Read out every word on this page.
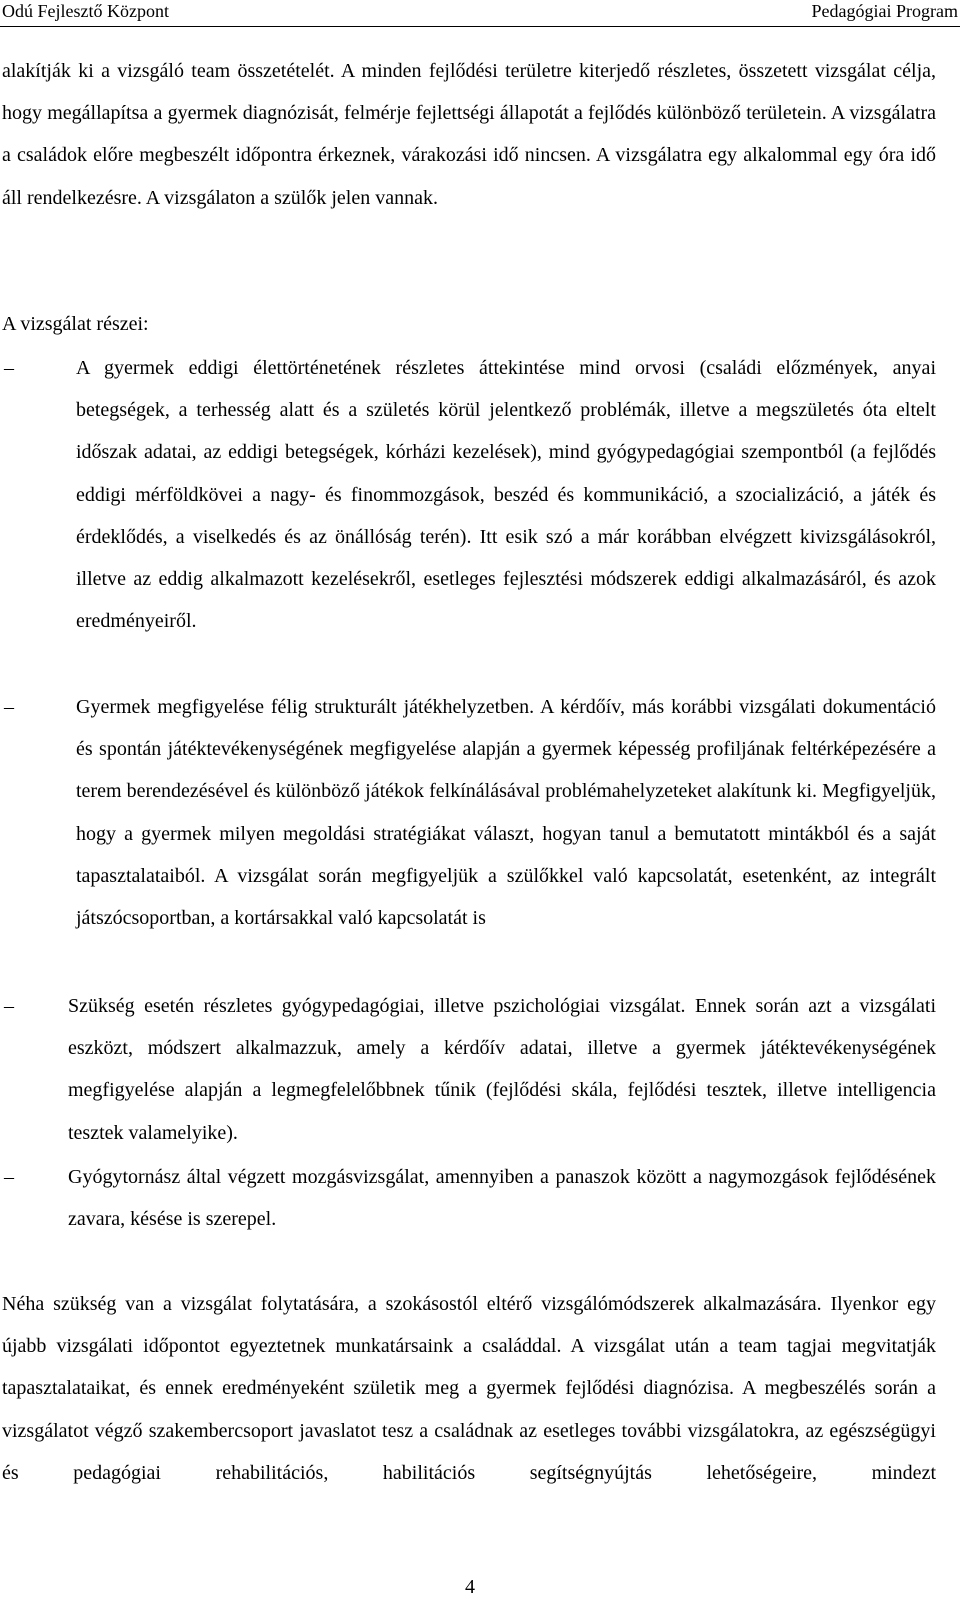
Odú Fejlesztő Központ	Pedagógiai Program

alakítják ki a vizsgáló team összetételét. A minden fejlődési területre kiterjedő részletes, összetett vizsgálat célja, hogy megállapítsa a gyermek diagnózisát, felmérje fejlettségi állapotát a fejlődés különböző területein. A vizsgálatra a családok előre megbeszélt időpontra érkeznek, várakozási idő nincsen. A vizsgálatra egy alkalommal egy óra idő áll rendelkezésre. A vizsgálaton a szülők jelen vannak.

A vizsgálat részei:

–	A gyermek eddigi élettörténetének részletes áttekintése mind orvosi (családi előzmények, anyai betegségek, a terhesség alatt és a születés körül jelentkező problémák, illetve a megszületés óta eltelt időszak adatai, az eddigi betegségek, kórházi kezelések), mind gyógypedagógiai szempontból (a fejlődés eddigi mérföldkövei a nagy- és finommozgások, beszéd és kommunikáció, a szocializáció, a játék és érdeklődés, a viselkedés és az önállóság terén). Itt esik szó a már korábban elvégzett kivizsgálásokról, illetve az eddig alkalmazott kezelésekről, esetleges fejlesztési módszerek eddigi alkalmazásáról, és azok eredményeiről.

–	Gyermek megfigyelése félig strukturált játékhelyzetben. A kérdőív, más korábbi vizsgálati dokumentáció és spontán játéktevékenységének megfigyelése alapján a gyermek képesség profiljának feltérképezésére a terem berendezésével és különböző játékok felkínálásával problémahelyzeteket alakítunk ki. Megfigyeljük, hogy a gyermek milyen megoldási stratégiákat választ, hogyan tanul a bemutatott mintákból és a saját tapasztalataiból. A vizsgálat során megfigyeljük a szülőkkel való kapcsolatát, esetenként, az integrált játszócsoportban, a kortársakkal való kapcsolatát is

–	Szükség esetén részletes gyógypedagógiai, illetve pszichológiai vizsgálat. Ennek során azt a vizsgálati eszközt, módszert alkalmazzuk, amely a kérdőív adatai, illetve a gyermek játéktevékenységének megfigyelése alapján a legmegfelelőbbnek tűnik (fejlődési skála, fejlődési tesztek, illetve intelligencia tesztek valamelyike).

–	Gyógytornász által végzett mozgásvizsgálat, amennyiben a panaszok között a nagymozgások fejlődésének zavara, késése is szerepel.

Néha szükség van a vizsgálat folytatására, a szokásostól eltérő vizsgálómódszerek alkalmazására. Ilyenkor egy újabb vizsgálati időpontot egyeztetnek munkatársaink a családdal. A vizsgálat után a team tagjai megvitatják tapasztalataikat, és ennek eredményeként születik meg a gyermek fejlődési diagnózisa. A megbeszélés során a vizsgálatot végző szakembercsoport javaslatot tesz a családnak az esetleges további vizsgálatokra, az egészségügyi és pedagógiai rehabilitációs, habilitációs segítségnyújtás lehetőségeire, mindezt

4
